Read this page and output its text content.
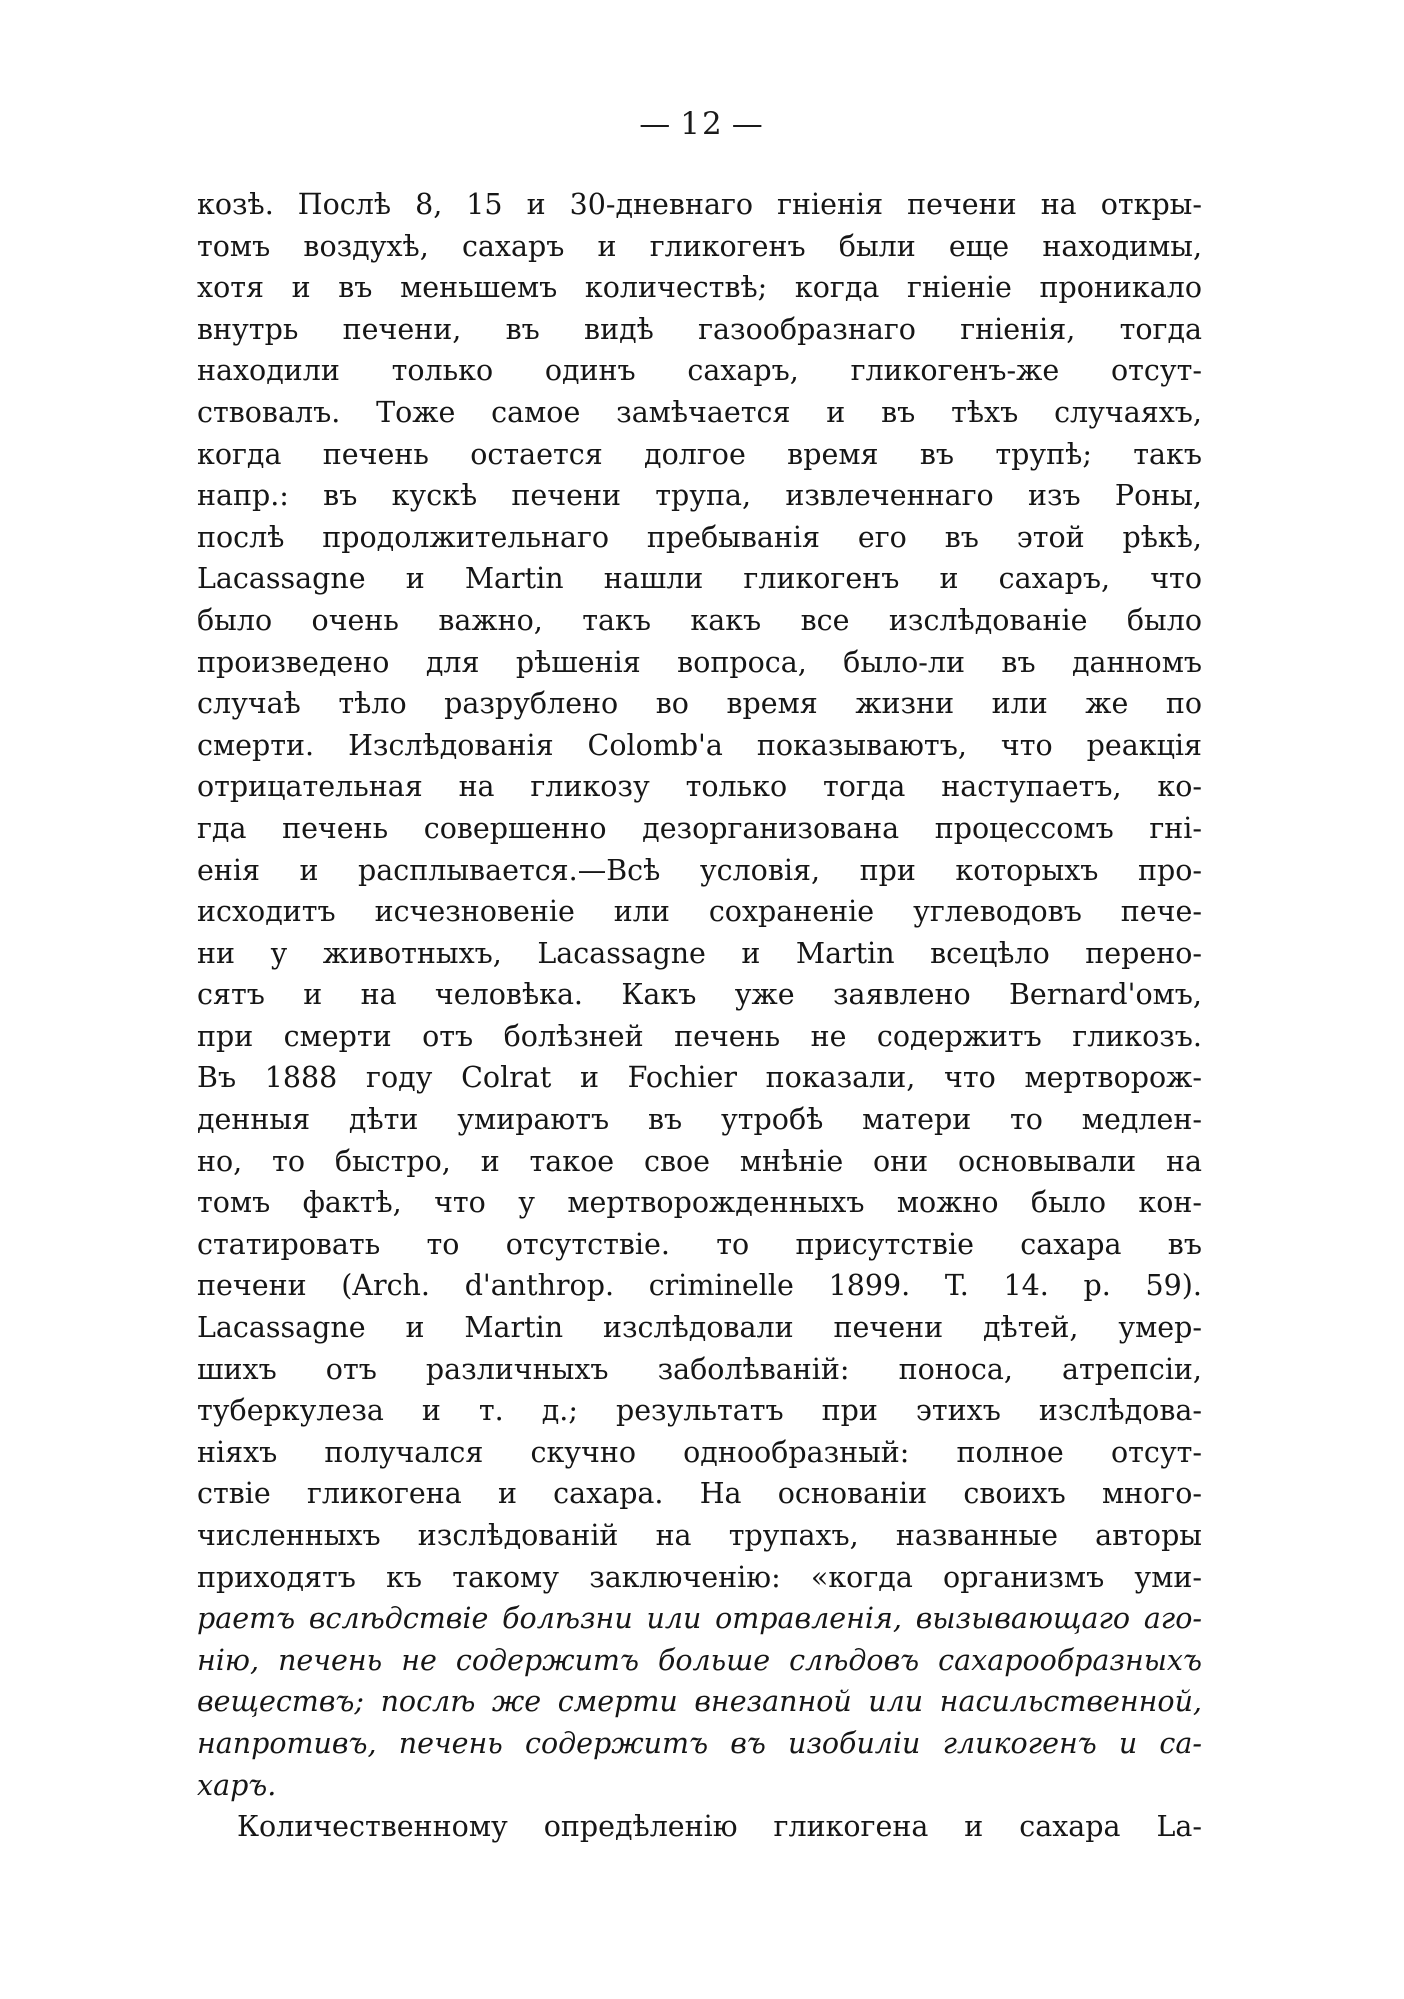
— 12 —
козѣ. Послѣ 8, 15 и 30-дневнаго гніенія печени на откры-
томъ воздухѣ, сахаръ и гликогенъ были еще находимы,
хотя и въ меньшемъ количествѣ; когда гніеніе проникало
внутрь печени, въ видѣ газообразнаго гніенія, тогда
находили только одинъ сахаръ, гликогенъ-же отсут-
ствовалъ. Тоже самое замѣчается и въ тѣхъ случаяхъ,
когда печень остается долгое время въ трупѣ; такъ
напр.: въ кускѣ печени трупа, извлеченнаго изъ Роны,
послѣ продолжительнаго пребыванія его въ этой рѣкѣ,
Lacassagne и Martin нашли гликогенъ и сахаръ, что
было очень важно, такъ какъ все изслѣдованіе было
произведено для рѣшенія вопроса, было-ли въ данномъ
случаѣ тѣло разрублено во время жизни или же по
смерти. Изслѣдованія Colomb'a показываютъ, что реакція
отрицательная на гликозу только тогда наступаетъ, ко-
гда печень совершенно дезорганизована процессомъ гні-
енія и расплывается.—Всѣ условія, при которыхъ про-
исходитъ исчезновеніе или сохраненіе углеводовъ пече-
ни у животныхъ, Lacassagne и Martin всецѣло перено-
сятъ и на человѣка. Какъ уже заявлено Bernard'омъ,
при смерти отъ болѣзней печень не содержитъ гликозъ.
Въ 1888 году Colrat и Fochier показали, что мертворож-
денныя дѣти умираютъ въ утробѣ матери то медлен-
но, то быстро, и такое свое мнѣніе они основывали на
томъ фактѣ, что у мертворожденныхъ можно было кон-
статировать то отсутствіе. то присутствіе сахара въ
печени (Arch. d'anthrop. criminelle 1899. T. 14. p. 59).
Lacassagne и Martin изслѣдовали печени дѣтей, умер-
шихъ отъ различныхъ заболѣваній: поноса, атрепсіи,
туберкулеза и т. д.; результатъ при этихъ изслѣдова-
ніяхъ получался скучно однообразный: полное отсут-
ствіе гликогена и сахара. На основаніи своихъ много-
численныхъ изслѣдованій на трупахъ, названные авторы
приходятъ къ такому заключенію: «когда организмъ уми-
раетъ вслѣдствіе болѣзни или отравленія, вызывающаго аго-
нію, печень не содержитъ больше слѣдовъ сахарообразныхъ
веществъ; послѣ же смерти внезапной или насильственной,
напротивъ, печень содержитъ въ изобиліи гликогенъ и са-
харъ.
Количественному опредѣленію гликогена и сахара La-
